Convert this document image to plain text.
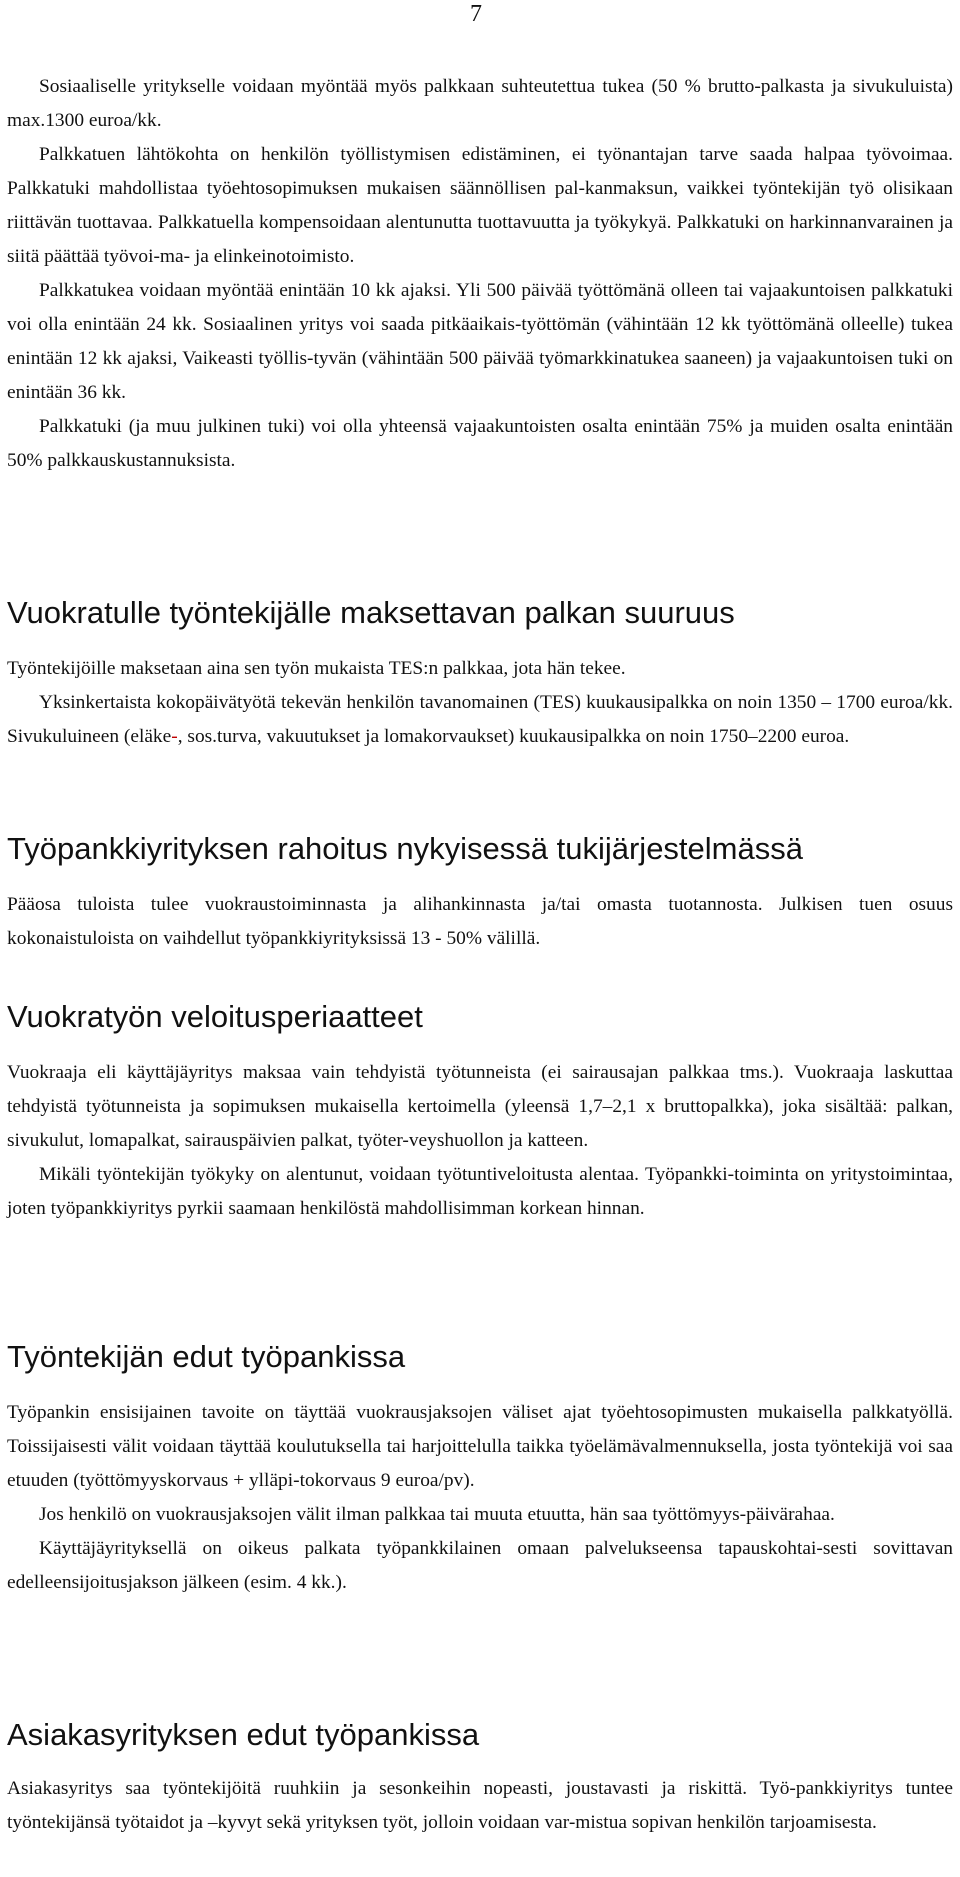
7

Sosiaaliselle yritykselle voidaan myöntää myös palkkaan suhteutettua tukea (50 % brutto-palkasta ja sivukuluista) max.1300 euroa/kk.

Palkkatuen lähtökohta on henkilön työllistymisen edistäminen, ei työnantajan tarve saada halpaa työvoimaa. Palkkatuki mahdollistaa työehtosopimuksen mukaisen säännöllisen pal-kanmaksun, vaikkei työntekijän työ olisikaan riittävän tuottavaa. Palkkatuella kompensoidaan alentunutta tuottavuutta ja työkykyä. Palkkatuki on harkinnanvarainen ja siitä päättää työvoi-ma- ja elinkeinotoimisto.

Palkkatukea voidaan myöntää enintään 10 kk ajaksi. Yli 500 päivää työttömänä olleen tai vajaakuntoisen palkkatuki voi olla enintään 24 kk. Sosiaalinen yritys voi saada pitkäaikais-työttömän (vähintään 12 kk työttömänä olleelle) tukea enintään 12 kk ajaksi, Vaikeasti työllis-tyvän (vähintään 500 päivää työmarkkinatukea saaneen) ja vajaakuntoisen tuki on enintään 36 kk.

Palkkatuki (ja muu julkinen tuki) voi olla yhteensä vajaakuntoisten osalta enintään 75% ja muiden osalta enintään 50% palkkauskustannuksista.

Vuokratulle työntekijälle maksettavan palkan suuruus

Työntekijöille maksetaan aina sen työn mukaista TES:n palkkaa, jota hän tekee.

Yksinkertaista kokopäivätyötä tekevän henkilön tavanomainen (TES) kuukausipalkka on noin 1350 – 1700 euroa/kk. Sivukuluineen (eläke-, sos.turva, vakuutukset ja lomakorvaukset) kuukausipalkka on noin 1750–2200 euroa.

Työpankkiyrityksen rahoitus nykyisessä tukijärjestelmässä

Pääosa tuloista tulee vuokraustoiminnasta ja alihankinnasta ja/tai omasta tuotannosta. Julkisen tuen osuus kokonaistuloista on vaihdellut työpankkiyrityksissä 13 - 50% välillä.

Vuokratyön veloitusperiaatteet

Vuokraaja eli käyttäjäyritys maksaa vain tehdyistä työtunneista (ei sairausajan palkkaa tms.). Vuokraaja laskuttaa tehdyistä työtunneista ja sopimuksen mukaisella kertoimella (yleensä 1,7–2,1 x bruttopalkka), joka sisältää: palkan, sivukulut, lomapalkat, sairauspäivien palkat, työter-veyshuollon ja katteen.

Mikäli työntekijän työkyky on alentunut, voidaan työtuntiveloitusta alentaa. Työpankki-toiminta on yritystoimintaa, joten työpankkiyritys pyrkii saamaan henkilöstä mahdollisimman korkean hinnan.

Työntekijän edut työpankissa

Työpankin ensisijainen tavoite on täyttää vuokrausjaksojen väliset ajat työehtosopimusten mukaisella palkkatyöllä. Toissijaisesti välit voidaan täyttää koulutuksella tai harjoittelulla taikka työelämävalmennuksella, josta työntekijä voi saa etuuden (työttömyyskorvaus + ylläpi-tokorvaus 9 euroa/pv).

Jos henkilö on vuokrausjaksojen välit ilman palkkaa tai muuta etuutta, hän saa työttömyys-päivärahaa.

Käyttäjäyrityksellä on oikeus palkata työpankkilainen omaan palvelukseensa tapauskohtai-sesti sovittavan edelleensijoitusjakson jälkeen (esim. 4 kk.).

Asiakasyrityksen edut työpankissa

Asiakasyritys saa työntekijöitä ruuhkiin ja sesonkeihin nopeasti, joustavasti ja riskittä. Työ-pankkiyritys tuntee työntekijänsä työtaidot ja –kyvyt sekä yrityksen työt, jolloin voidaan var-mistua sopivan henkilön tarjoamisesta.
